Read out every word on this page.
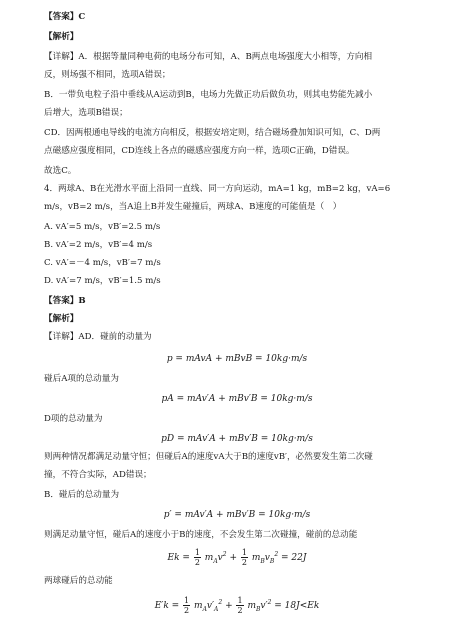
【答案】C
【解析】
【详解】A．根据等量同种电荷的电场分布可知，A、B两点电场强度大小相等，方向相
反，则场强不相同，选项A错误；
B．一带负电粒子沿中垂线从A运动到B，电场力先做正功后做负功，则其电势能先减小
后增大，选项B错误；
CD．因两根通电导线的电流方向相反，根据安培定则，结合磁场叠加知识可知，C、D两
点磁感应强度相同，CD连线上各点的磁感应强度方向一样，选项C正确，D错误。
故选C。
4．两球A、B在光滑水平面上沿同一直线、同一方向运动，mA=1 kg，mB=2 kg，vA=6
m/s，vB=2 m/s，当A追上B并发生碰撞后，两球A、B速度的可能值是（　）
A. vA′=5 m/s，vB′=2.5 m/s
B. vA′=2 m/s，vB′=4 m/s
C. vA′=－4 m/s，vB′=7 m/s
D. vA′=7 m/s，vB′=1.5 m/s
【答案】B
【解析】
【详解】AD．碰前的动量为
p = mAvA + mBvB = 10kg·m/s
碰后A项的总动量为
pA = mAv′A + mBv′B = 10kg·m/s
D项的总动量为
pD = mAv′A + mBv′B = 10kg·m/s
则两种情况都满足动量守恒；但碰后A的速度vA大于B的速度vB′，必然要发生第二次碰
撞，不符合实际，AD错误；
B．碰后的总动量为
p′ = mAv′A + mBv′B = 10kg·m/s
则满足动量守恒，碰后A的速度小于B的速度，不会发生第二次碰撞，碰前的总动能
$Ek = \frac{1}{2} m_Av^2 + \frac{1}{2} m_Bv_B^2 = 22J$
两球碰后的总动能
$E'k = \frac{1}{2} m_Av'_A^2 + \frac{1}{2} m_Bv'^2 = 18J<Ek$
